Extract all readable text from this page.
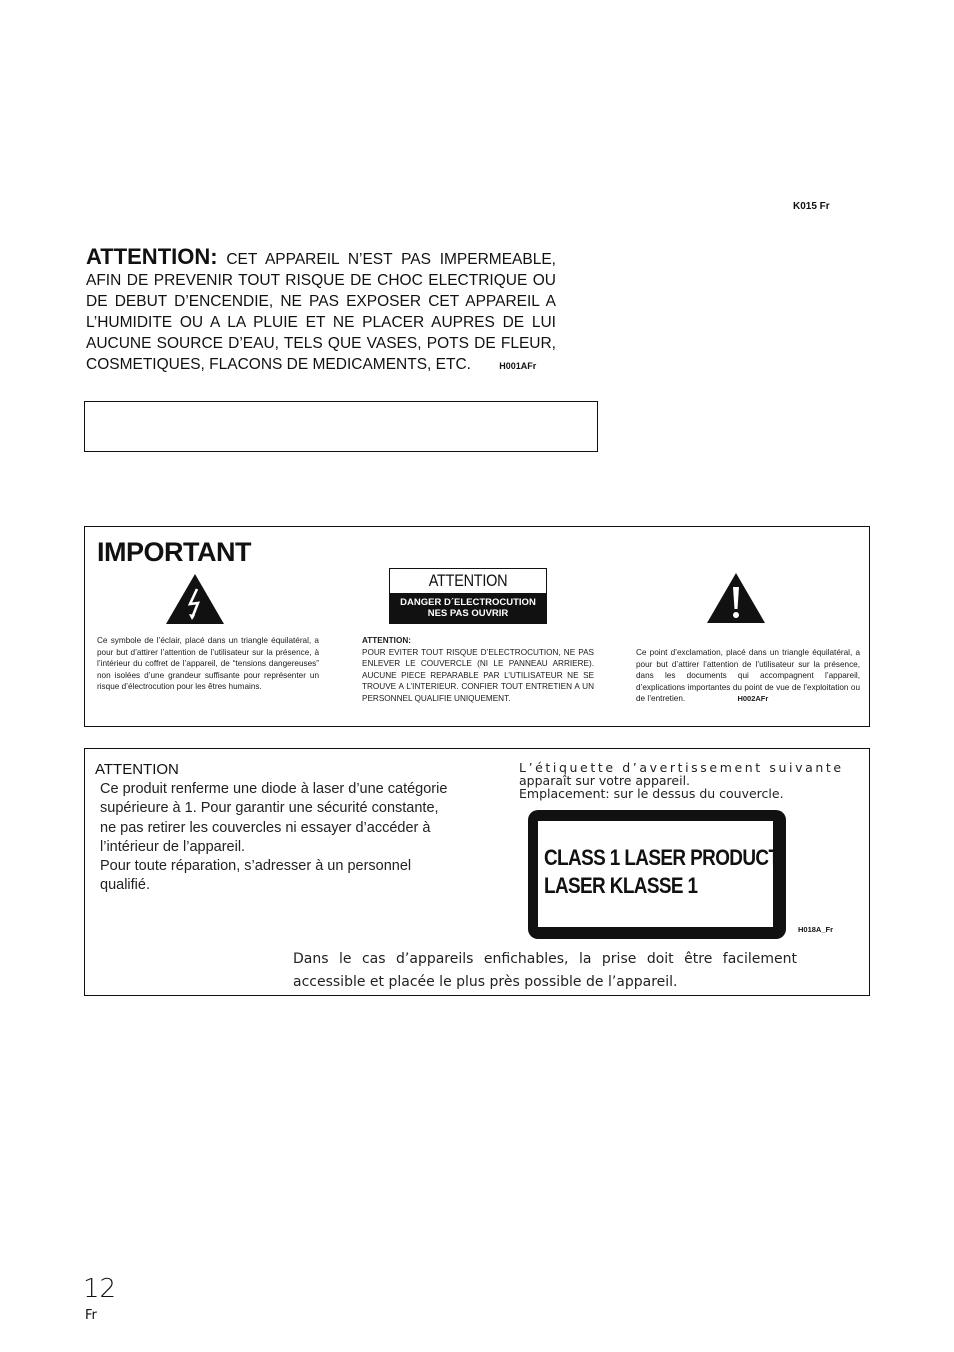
K015 Fr
ATTENTION: CET APPAREIL N’EST PAS IMPERMEABLE, AFIN DE PREVENIR TOUT RISQUE DE CHOC ELECTRIQUE OU DE DEBUT D’ENCENDIE, NE PAS EXPOSER CET APPAREIL A L’HUMIDITE OU A LA PLUIE ET NE PLACER AUPRES DE LUI AUCUNE SOURCE D’EAU, TELS QUE VASES, POTS DE FLEUR, COSMETIQUES, FLACONS DE MEDICAMENTS, ETC.	H001AFr
IMPORTANT
ATTENTION
DANGER D´ELECTROCUTION
NES PAS OUVRIR
Ce symbole de l’éclair, placé dans un triangle équilatéral, a pour but d’attirer l’attention de l’utilisateur sur la présence, à l’intérieur du coffret de l’appareil, de “tensions dangereuses” non isolées d’une grandeur suffisante pour représenter un risque d’électrocution pour les êtres humains.
ATTENTION:
POUR EVITER TOUT RISQUE D’ELECTROCUTION, NE PAS ENLEVER LE COUVERCLE (NI LE PANNEAU ARRIERE). AUCUNE PIECE REPARABLE PAR L’UTILISATEUR NE SE TROUVE A L’INTERIEUR. CONFIER TOUT ENTRETIEN A UN PERSONNEL QUALIFIE UNIQUEMENT.
Ce point d’exclamation, placé dans un triangle équilatéral, a pour but d’attirer l’attention de l’utilisateur sur la présence, dans les documents qui accompagnent l’appareil, d’explications importantes du point de vue de l’exploitation ou de l’entretien.	H002AFr
ATTENTION
Ce produit renferme une diode à laser d’une catégorie supérieure à 1. Pour garantir une sécurité constante, ne pas retirer les couvercles ni essayer d’accéder à l’intérieur de l’appareil.
Pour toute réparation, s’adresser à un personnel qualifié.
L’étiquette d’avertissement suivante
apparaît sur votre appareil.
Emplacement: sur le dessus du couvercle.
CLASS 1 LASER PRODUCT
LASER KLASSE 1
H018A_Fr
Dans le cas d’appareils enfichables, la prise doit être facilement accessible et placée le plus près possible de l’appareil.
12
Fr
